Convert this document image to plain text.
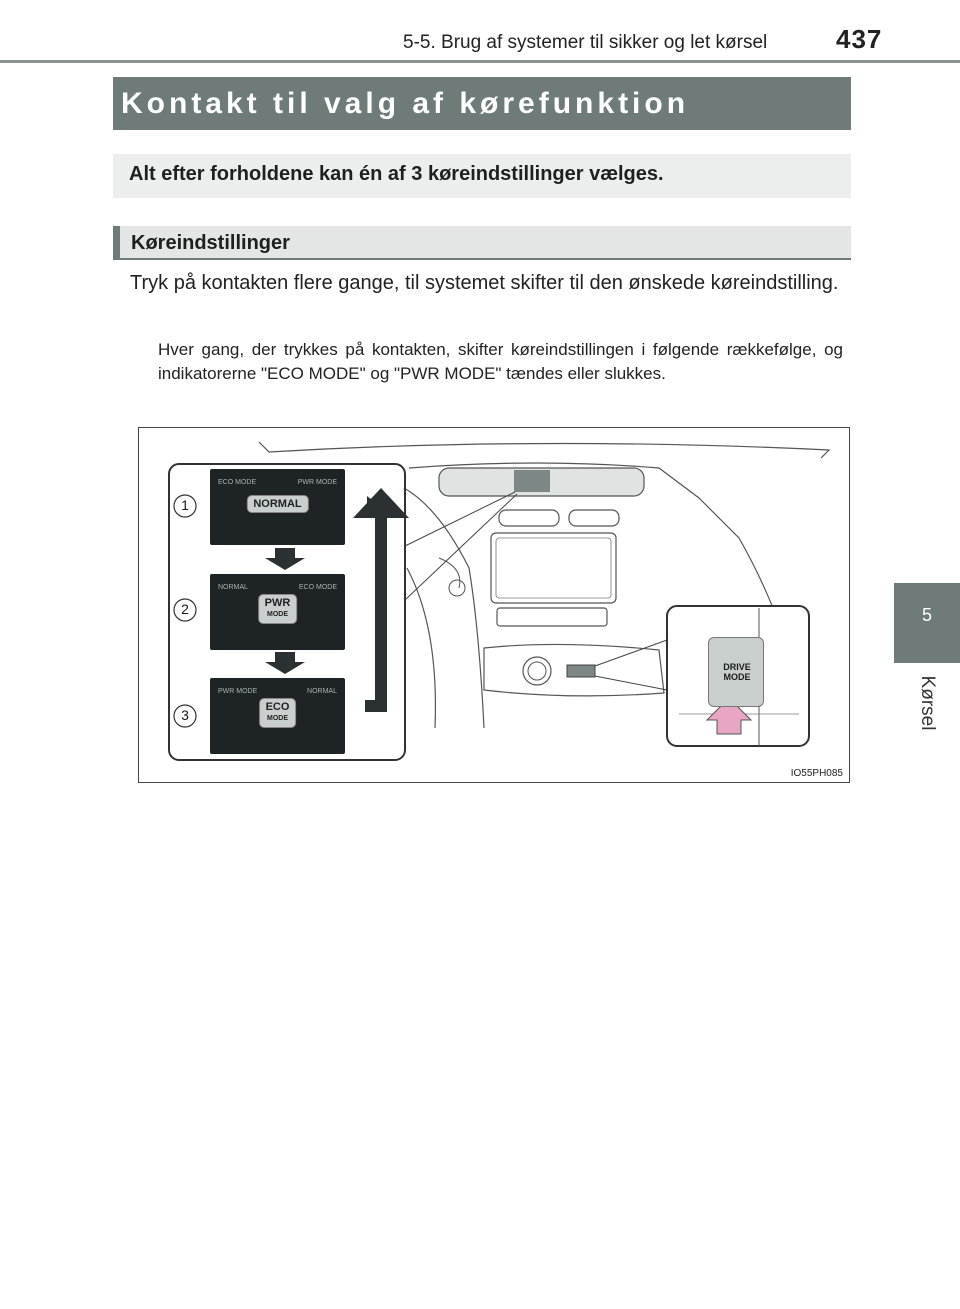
5-5. Brug af systemer til sikker og let kørsel	437
5
Kørsel
Kontakt til valg af kørefunktion
Alt efter forholdene kan én af 3 køreindstillinger vælges.
Køreindstillinger
Tryk på kontakten flere gange, til systemet skifter til den ønskede køreindstilling.
Hver gang, der trykkes på kontakten, skifter køreindstillingen i følgende rækkefølge, og indikatorerne "ECO MODE" og "PWR MODE" tændes eller slukkes.
1
2
3
ECO MODE	PWR MODE
NORMAL
NORMAL	ECO MODE
PWR
MODE
PWR MODE	NORMAL
ECO
MODE
IO55PH085
DRIVE
MODE
